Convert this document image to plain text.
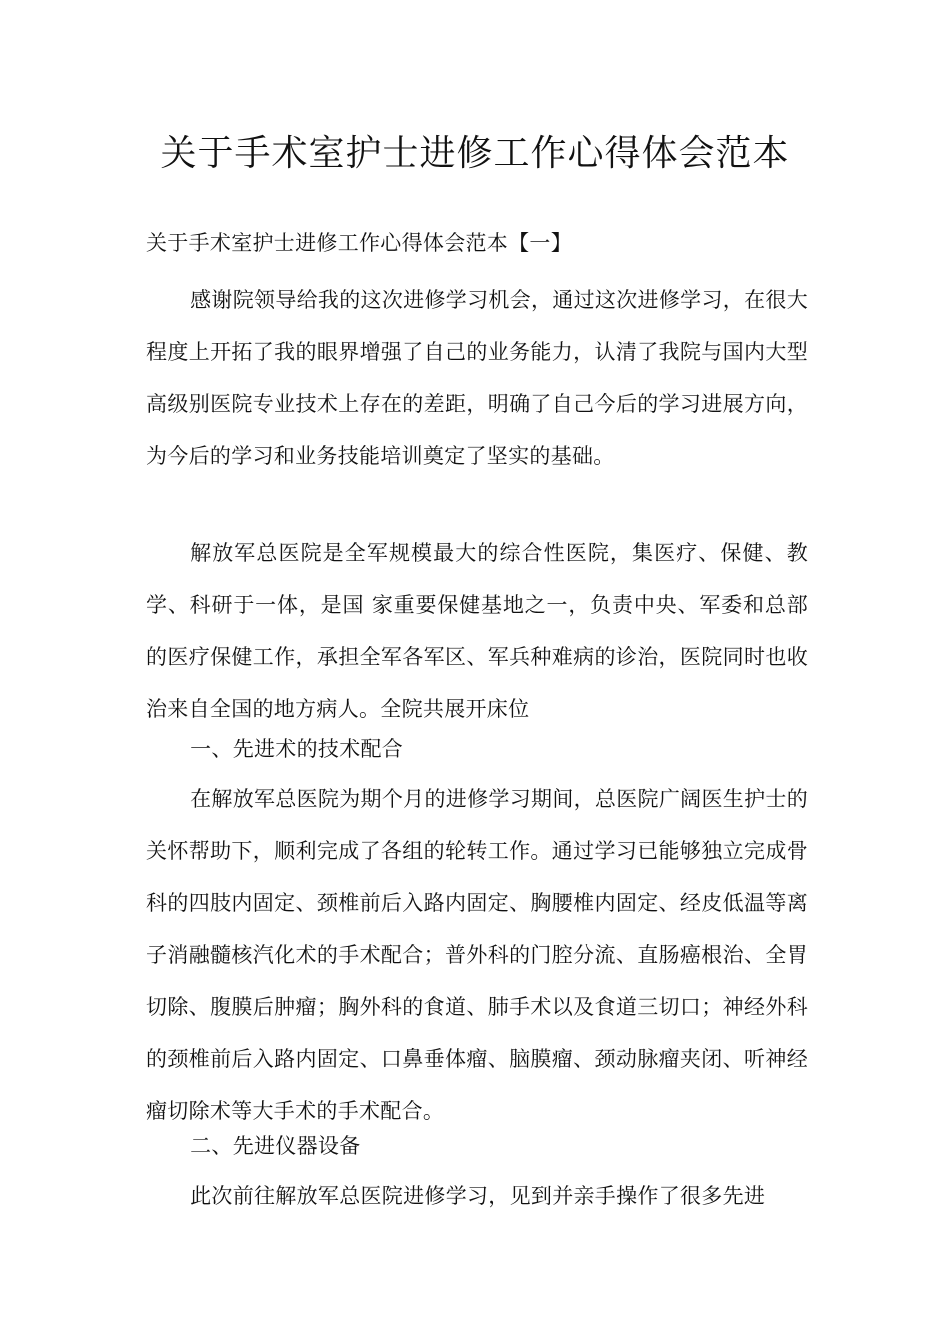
关于手术室护士进修工作心得体会范本

关于手术室护士进修工作心得体会范本【一】

感谢院领导给我的这次进修学习机会，通过这次进修学习，在很大程度上开拓了我的眼界增强了自己的业务能力，认清了我院与国内大型高级别医院专业技术上存在的差距，明确了自己今后的学习进展方向，为今后的学习和业务技能培训奠定了坚实的基础。

解放军总医院是全军规模最大的综合性医院，集医疗、保健、教学、科研于一体，是国 家重要保健基地之一，负责中央、军委和总部的医疗保健工作，承担全军各军区、军兵种难病的诊治，医院同时也收治来自全国的地方病人。全院共展开床位

一、先进术的技术配合

在解放军总医院为期个月的进修学习期间，总医院广阔医生护士的关怀帮助下，顺利完成了各组的轮转工作。通过学习已能够独立完成骨科的四肢内固定、颈椎前后入路内固定、胸腰椎内固定、经皮低温等离子消融髓核汽化术的手术配合；普外科的门腔分流、直肠癌根治、全胃切除、腹膜后肿瘤；胸外科的食道、肺手术以及食道三切口；神经外科的颈椎前后入路内固定、口鼻垂体瘤、脑膜瘤、颈动脉瘤夹闭、听神经瘤切除术等大手术的手术配合。

二、先进仪器设备

此次前往解放军总医院进修学习，见到并亲手操作了很多先进
